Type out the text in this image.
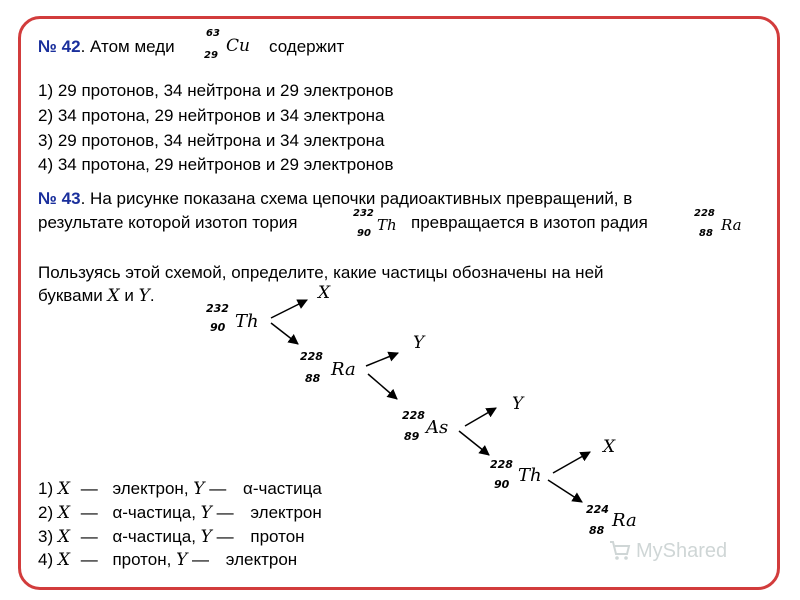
№ 42. Атом меди
63
29 Cu содержит
1) 29 протонов, 34 нейтрона и 29 электронов
2) 34 протона, 29 нейтронов и 34 электрона
3) 29 протонов, 34 нейтрона и 34 электрона
4) 34 протона, 29 нейтронов и 29 электронов
№ 43. На рисунке показана схема цепочки радиоактивных превращений, в
результате которой изотоп тория	232
90 Th превращается в изотоп радия	228
88 Ra
Пользуясь этой схемой, определите, какие частицы обозначены на ней
буквами X и Y.
232
90 Th
X
228
88 Ra
Y
228
89 As
Y
228
90 Th
X
224
88 Ra
1) X — электрон, Y — α-частица
2) X — α-частица, Y — электрон
3) X — α-частица, Y — протон
4) X — протон, Y — электрон	MyShared
